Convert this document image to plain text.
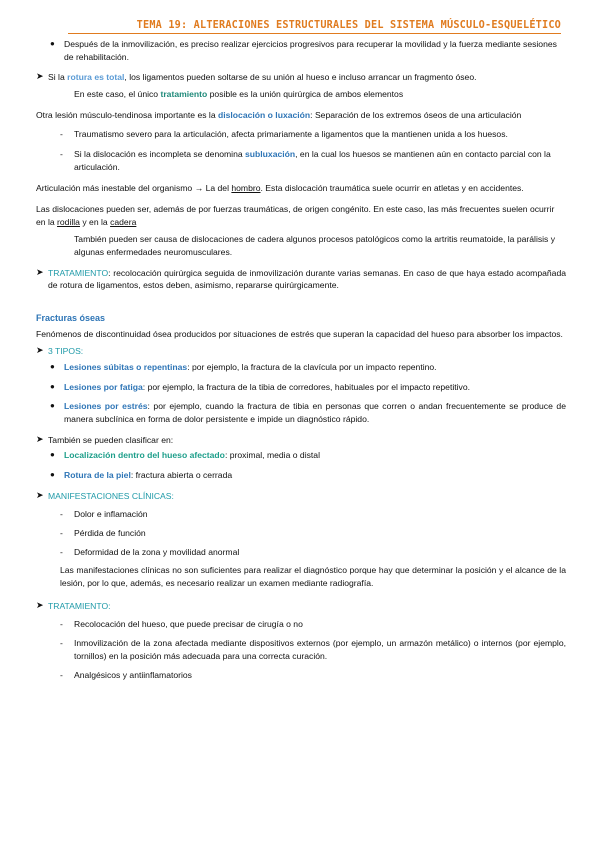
TEMA 19: ALTERACIONES ESTRUCTURALES DEL SISTEMA MÚSCULO-ESQUELÉTICO
● Después de la inmovilización, es preciso realizar ejercicios progresivos para recuperar la movilidad y la fuerza mediante sesiones de rehabilitación.

➤ Si la rotura es total, los ligamentos pueden soltarse de su unión al hueso e incluso arrancar un fragmento óseo.

En este caso, el único tratamiento posible es la unión quirúrgica de ambos elementos

Otra lesión músculo-tendinosa importante es la dislocación o luxación: Separación de los extremos óseos de una articulación

- Traumatismo severo para la articulación, afecta primariamente a ligamentos que la mantienen unida a los huesos.

- Si la dislocación es incompleta se denomina subluxación, en la cual los huesos se mantienen aún en contacto parcial con la articulación.

Articulación más inestable del organismo → La del hombro. Esta dislocación traumática suele ocurrir en atletas y en accidentes.

Las dislocaciones pueden ser, además de por fuerzas traumáticas, de origen congénito. En este caso, las más frecuentes suelen ocurrir en la rodilla y en la cadera

También pueden ser causa de dislocaciones de cadera algunos procesos patológicos como la artritis reumatoide, la parálisis y algunas enfermedades neuromusculares.

➤ TRATAMIENTO: recolocación quirúrgica seguida de inmovilización durante varias semanas. En caso de que haya estado acompañada de rotura de ligamentos, estos deben, asimismo, repararse quirúrgicamente.

Fracturas óseas

Fenómenos de discontinuidad ósea producidos por situaciones de estrés que superan la capacidad del hueso para absorber los impactos.

➤ 3 TIPOS:

● Lesiones súbitas o repentinas: por ejemplo, la fractura de la clavícula por un impacto repentino.

● Lesiones por fatiga: por ejemplo, la fractura de la tibia de corredores, habituales por el impacto repetitivo.

● Lesiones por estrés: por ejemplo, cuando la fractura de tibia en personas que corren o andan frecuentemente se produce de manera subclínica en forma de dolor persistente e impide un diagnóstico rápido.

➤ También se pueden clasificar en:

● Localización dentro del hueso afectado: proximal, media o distal

● Rotura de la piel: fractura abierta o cerrada

➤ MANIFESTACIONES CLÍNICAS:

- Dolor e inflamación

- Pérdida de función

- Deformidad de la zona y movilidad anormal

Las manifestaciones clínicas no son suficientes para realizar el diagnóstico porque hay que determinar la posición y el alcance de la lesión, por lo que, además, es necesario realizar un examen mediante radiografía.

➤ TRATAMIENTO:

- Recolocación del hueso, que puede precisar de cirugía o no

- Inmovilización de la zona afectada mediante dispositivos externos (por ejemplo, un armazón metálico) o internos (por ejemplo, tornillos) en la posición más adecuada para una correcta curación.

- Analgésicos y antiinflamatorios
